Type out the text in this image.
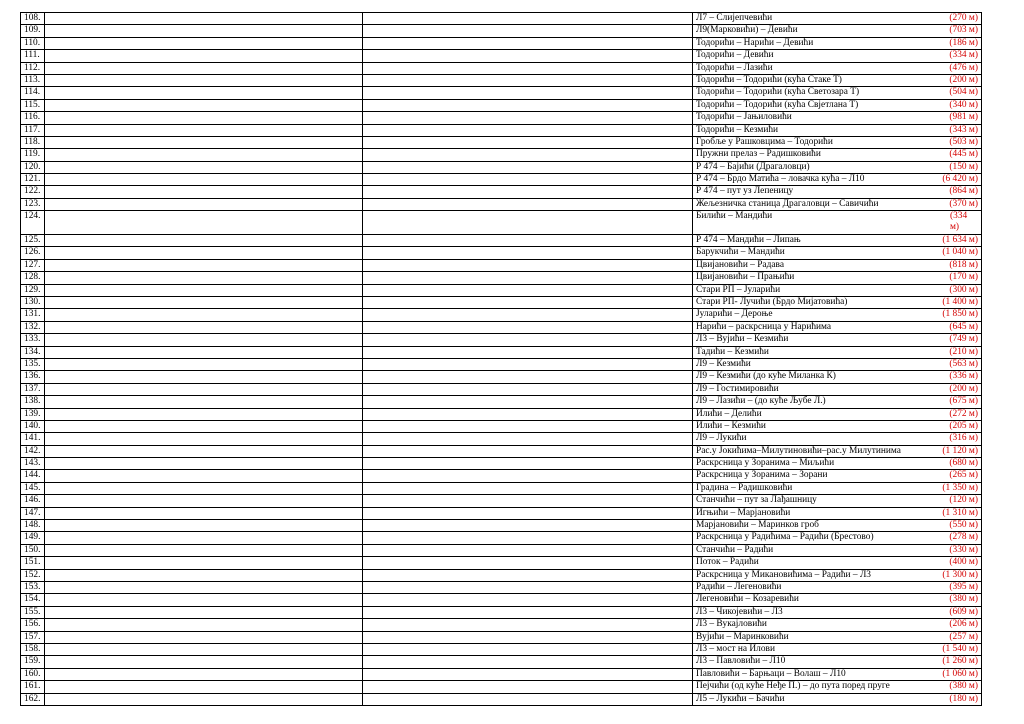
108.			Л7 – Слијепчевићи (270 м)

109.			Л9(Марковићи) – Девићи (703 м)

110.			Тодорићи – Нарићи – Девићи (186 м)

111.			Тодорићи – Девићи (334 м)

112.			Тодорићи – Лазићи (476 м)

113.			Тодорићи – Тодорићи (кућа Стаке Т) (200 м)

114.			Тодорићи – Тодорићи (кућа Светозара Т) (504 м)

115.			Тодорићи – Тодорићи (кућа Свјетлана Т) (340 м)

116.			Тодорићи – Јањиловићи (981 м)

117.			Тодорићи – Кезмићи (343 м)

118.			Гробље у Рашковцима – Тодорићи (503 м)

119.			Пружни прелаз – Радишковићи (445 м)

120.			Р 474 – Бајићи (Драгаловци) (150 м)

121.			Р 474 – Брдо Матића – ловачка кућа – Л10 (6 420 м)

122.			Р 474 – пут уз Лепеницу (864 м)

123.			Жељезничка станица Драгаловци – Савичићи (370 м)

124.			Билићи – Мандићи (334 м)

125.			Р 474 – Мандићи – Липањ (1 634 м)

126.			Барукчићи – Мандићи (1 040 м)

127.			Цвијановићи – Радава (818 м)

128.			Цвијановићи – Прањићи (170 м)

129.			Стари РП – Јуларићи (300 м)

130.			Стари РП- Лучићи (Брдо Мијатовића) (1 400 м)

131.			Јуларићи – Дероње (1 850 м)

132.			Нарићи – раскрсница у Нарићима (645 м)

133.			Л3 – Вујићи – Кезмићи (749 м)

134.			Тадићи – Кезмићи (210 м)

135.			Л9 – Кезмићи (563 м)

136.			Л9 – Кезмићи (до куће Миланка К) (336 м)

137.			Л9 – Гостимировићи (200 м)

138.			Л9 – Лазићи – (до куће Љубе Л.) (675 м)

139.			Илићи – Делићи (272 м)

140.			Илићи – Кезмићи (205 м)

141.			Л9 – Лукићи (316 м)

142.			Рас.у Јокићима–Милутиновићи–рас.у Милутинима (1 120 м)

143.			Раскрсница у Зоранима – Миљићи (680 м)

144.			Раскрсница у Зоранима – Зорани (265 м)

145.			Градина – Радишковићи (1 350 м)

146.			Станчићи – пут за Лађашницу (120 м)

147.			Игњићи – Марјановићи (1 310 м)

148.			Марјановићи – Маринков гроб (550 м)

149.			Раскрсница у Радићима – Радићи (Брестово) (278 м)

150.			Станчићи – Радићи (330 м)

151.			Поток – Радићи (400 м)

152.			Раскрсница у Микановићима – Радићи – Л3 (1 300 м)

153.			Радићи – Легеновићи (395 м)

154.			Легеновићи – Козаревићи (380 м)

155.			Л3 – Чикојевићи – Л3 (609 м)

156.			Л3 – Вукајловићи (206 м)

157.			Вујићи – Маринковићи (257 м)

158.			Л3 – мост на Илови (1 540 м)

159.			Л3 – Павловићи – Л10 (1 260 м)

160.			Павловићи – Барњаци – Волаш – Л10 (1 060 м)

161.			Пејчићи (од куће Неђе П.) – до пута поред пруге (380 м)

162.			Л5 – Лукићи – Бачићи (180 м)
